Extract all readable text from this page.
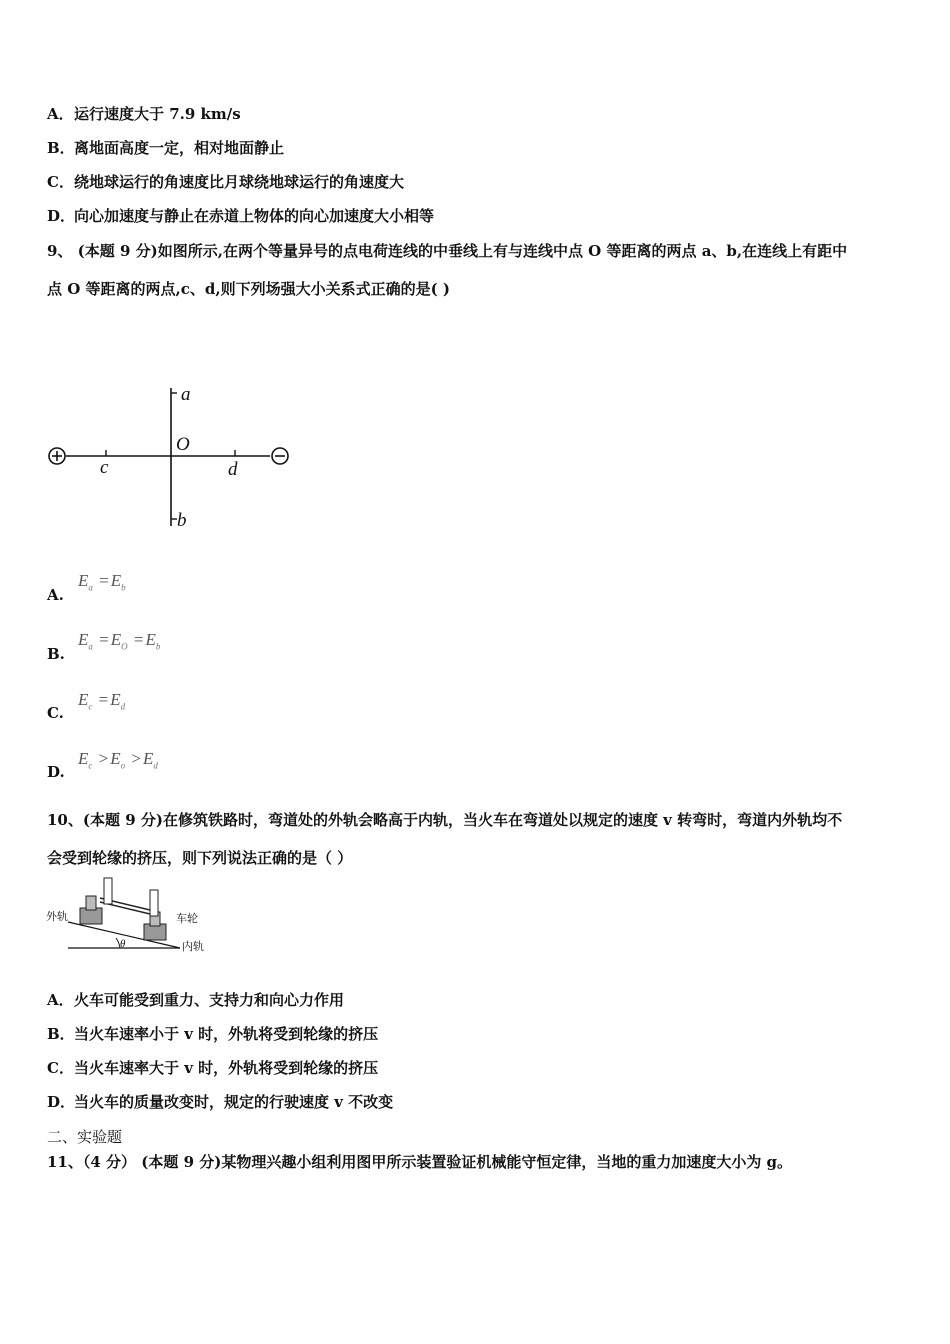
A．运行速度大于 7.9 km/s
B．离地面高度一定，相对地面静止
C．绕地球运行的角速度比月球绕地球运行的角速度大
D．向心加速度与静止在赤道上物体的向心加速度大小相等
9、 (本题 9 分)如图所示,在两个等量异号的点电荷连线的中垂线上有与连线中点 O 等距离的两点 a、b,在连线上有距中
点 O 等距离的两点,c、d,则下列场强大小关系式正确的是( )
a
b
c	d
O
A.
$E_a = E_b$
B.
$E_a = E_O = E_b$
C.
$E_c = E_d$
D.
$E_c > E_o > E_d$
10、(本题 9 分)在修筑铁路时，弯道处的外轨会略高于内轨，当火车在弯道处以规定的速度 v 转弯时，弯道内外轨均不
会受到轮缘的挤压，则下列说法正确的是（ ）
外轨	车轮
内轨
θ
A．火车可能受到重力、支持力和向心力作用
B．当火车速率小于 v 时，外轨将受到轮缘的挤压
C．当火车速率大于 v 时，外轨将受到轮缘的挤压
D．当火车的质量改变时，规定的行驶速度 v 不改变
二、实验题
11、（4 分） (本题 9 分)某物理兴趣小组利用图甲所示装置验证机械能守恒定律，当地的重力加速度大小为 g。
